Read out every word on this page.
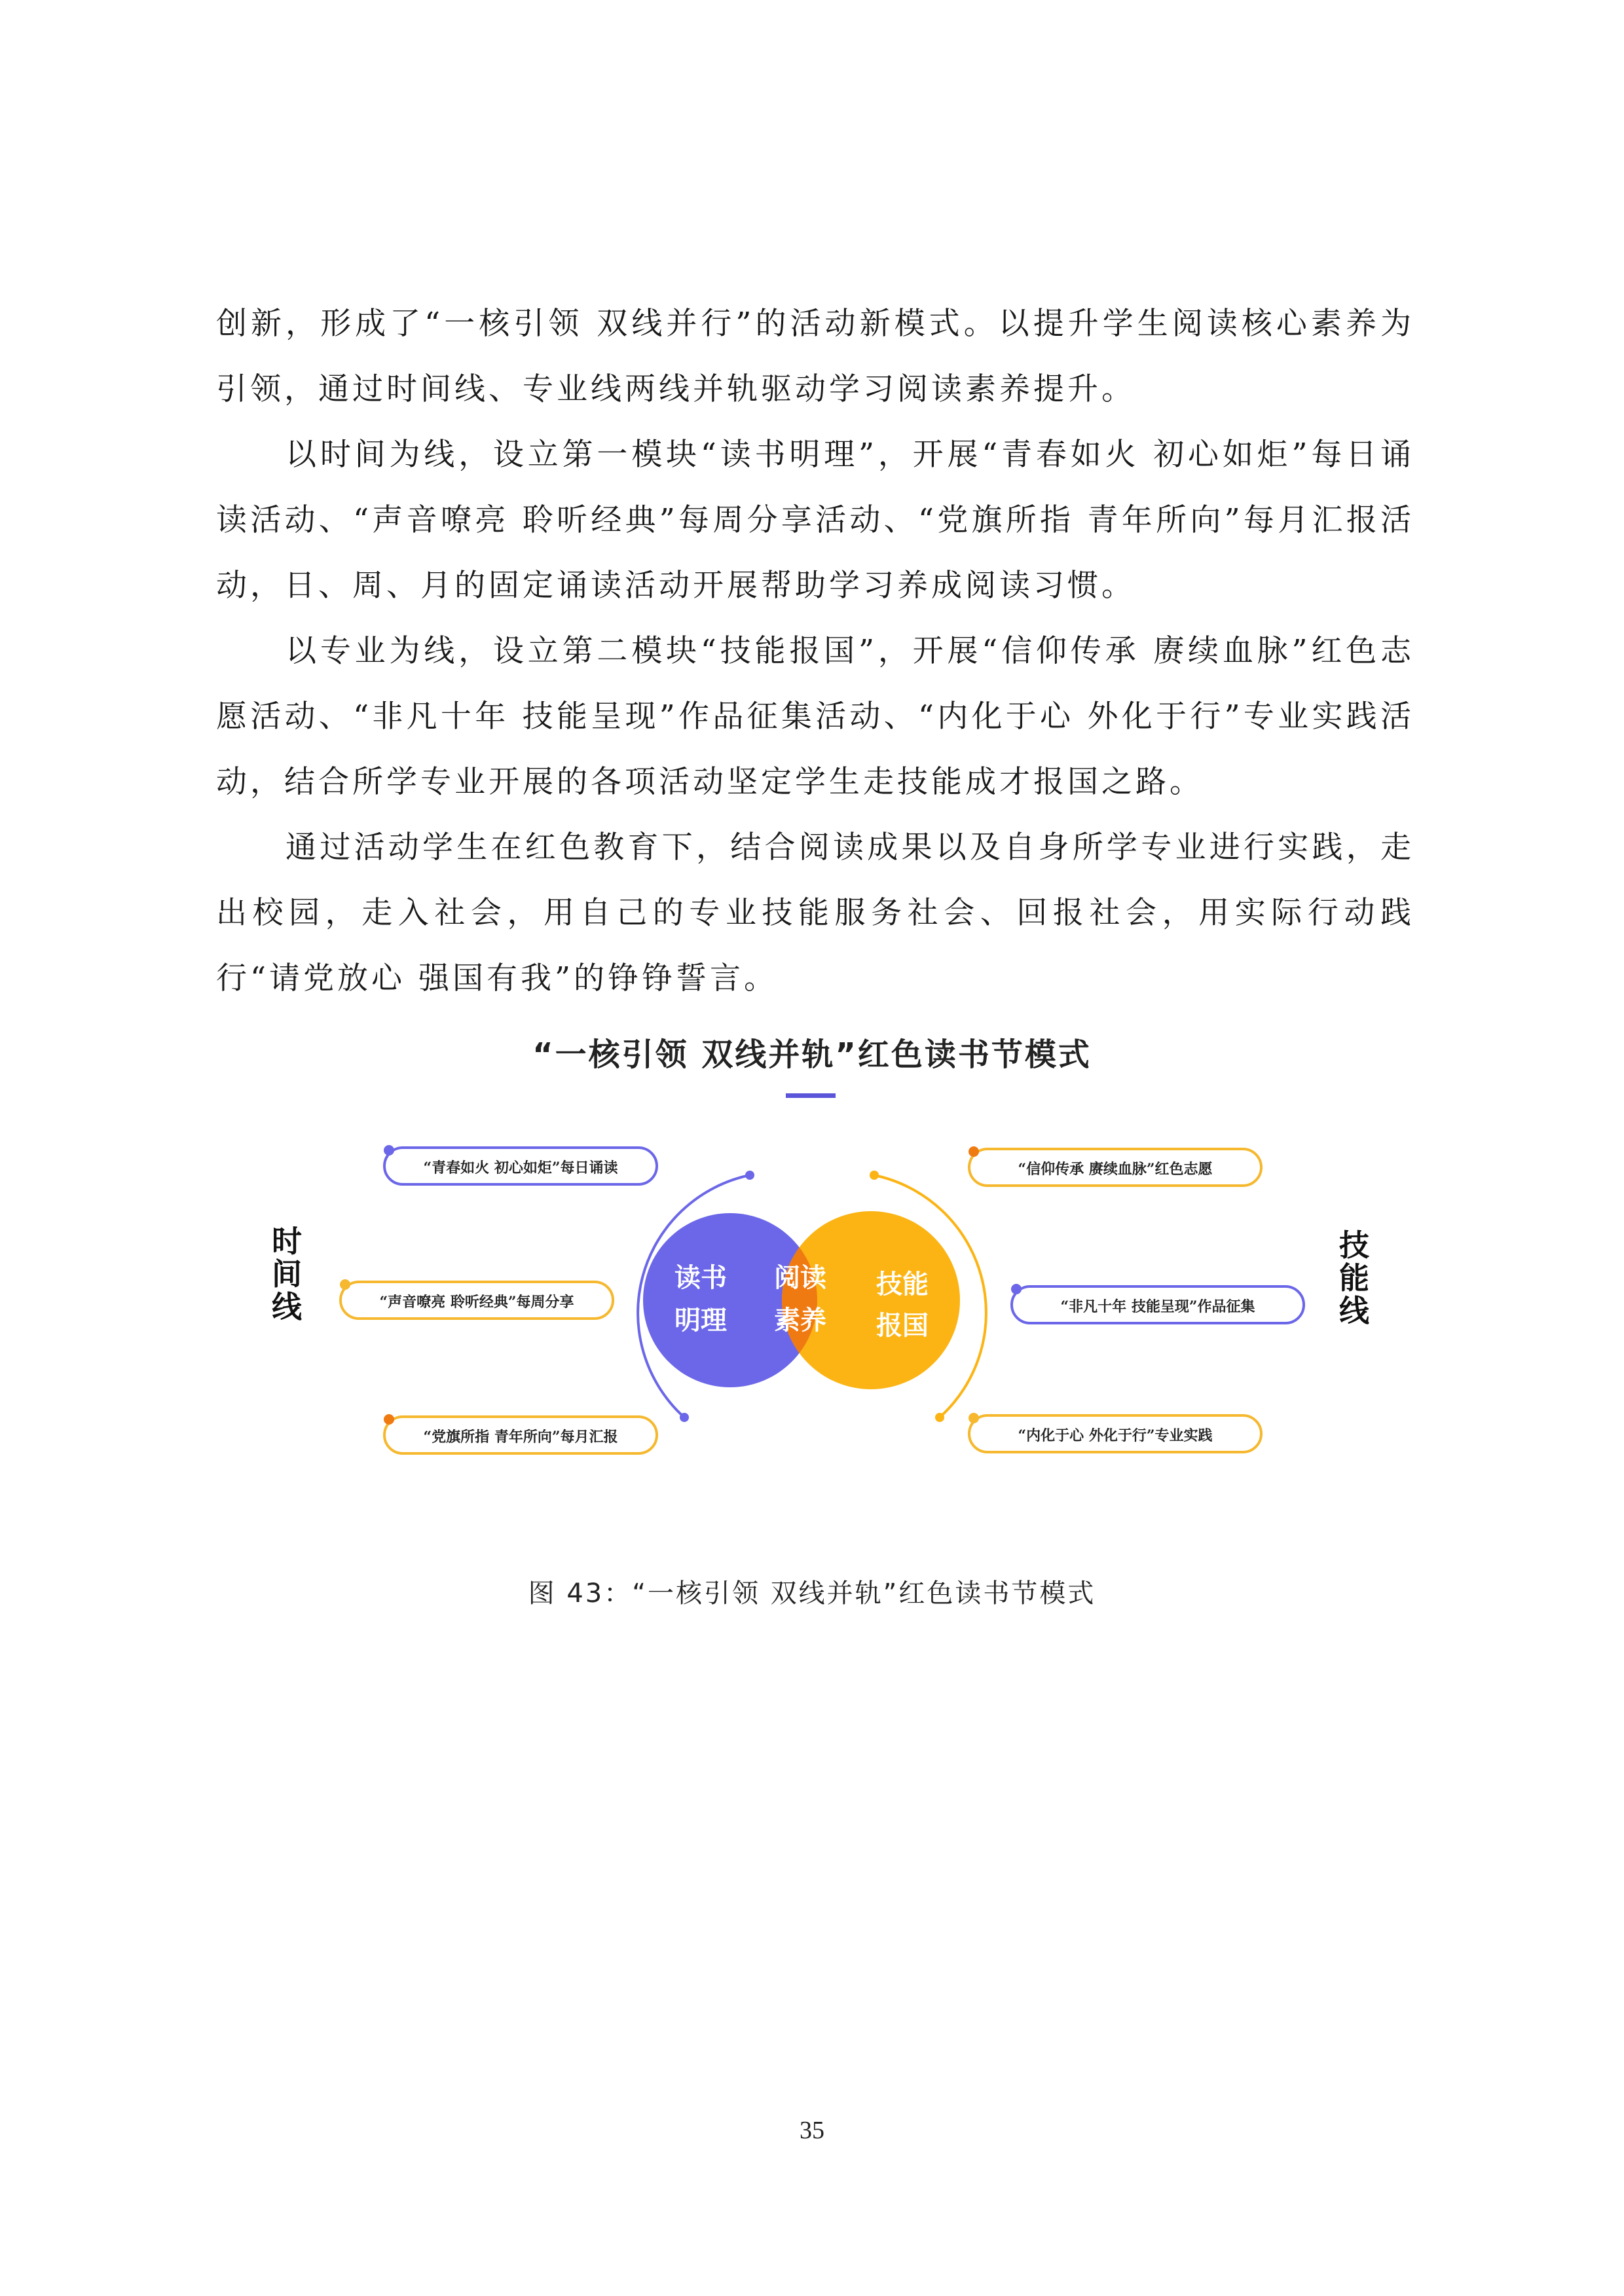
创新，形成了“一核引领 双线并行”的活动新模式。以提升学生阅读核心素养为引领，通过时间线、专业线两线并轨驱动学习阅读素养提升。

以时间为线，设立第一模块“读书明理”，开展“青春如火 初心如炬”每日诵读活动、“声音嘹亮 聆听经典”每周分享活动、“党旗所指 青年所向”每月汇报活动，日、周、月的固定诵读活动开展帮助学习养成阅读习惯。

以专业为线，设立第二模块“技能报国”，开展“信仰传承 赓续血脉”红色志愿活动、“非凡十年 技能呈现”作品征集活动、“内化于心 外化于行”专业实践活动，结合所学专业开展的各项活动坚定学生走技能成才报国之路。

通过活动学生在红色教育下，结合阅读成果以及自身所学专业进行实践，走出校园，走入社会，用自己的专业技能服务社会、回报社会，用实际行动践行“请党放心 强国有我”的铮铮誓言。

“一核引领 双线并轨”红色读书节模式
读书
明理
阅读
素养
技能
报国
时
间
线
技
能
线
“青春如火 初心如炬”每日诵读
“声音嘹亮 聆听经典”每周分享
“党旗所指 青年所向”每月汇报
“信仰传承 赓续血脉”红色志愿
“非凡十年 技能呈现”作品征集
“内化于心 外化于行”专业实践
图 43：“一核引领 双线并轨”红色读书节模式
35
